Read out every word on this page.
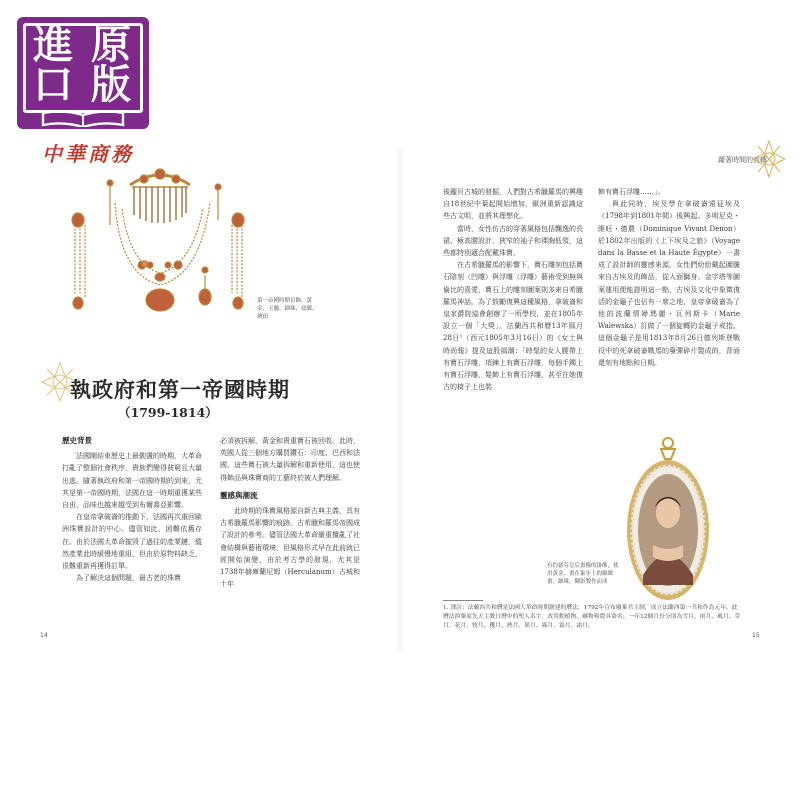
進 原
口 版
中華商務	躍著時間的流轉
第一帝國時期首飾，黃金、玉髓、細珠、琺瑯、琥珀
執政府和第一帝國時期
（1799-1814）
歷史背景

法國剛結束歷史上最動盪的時期，大革命打亂了整個社會秩序，貴族們變得貧窮且大量出逃。隨著執政府和第一帝國時期的到來，尤其是第一帝國時期，法國在這一時期重獲某些自由，品味也越來越受到布爾喬亞影響。

在皇帝拿破崙的推動下，法國再次重回歐洲珠寶設計的中心。儘管如此，困難依舊存在。由於法國大革命摧毀了過往的產業鏈，縱然產業此時緩慢地重組，但由於原物料缺乏，很難重新再獲得訂單。

為了解決這個問題，最古老的珠寶

必須被拆解，黃金和貴重寶石被回收。此時，英國人從三個地方購買鑽石：印度、巴西和法國，這些寶石被大量拆解和重新使用，這也使得飾品與珠寶商的工藝終於被人們理解。

靈感與潮流

此時期的珠寶風格源自新古典主義，具有古希臘羅馬影響的痕跡。古希臘和羅馬帝國成了設計的參考。儘管法國大革命嚴重攪亂了社會結構與藝術環境，但風格形式早在此前就已經開始演變，由於考古學的發現，尤其是1738年赫庫蘭尼姆（Herculanum）古城和十年

後龐貝古城的發掘，人們對古希臘羅馬的興趣自18世紀中葉起開始增加，歐洲重新認識這些古文明，並將其理想化。

當時，女性仿古的穿著風格包括飄逸的長裙、極高腰設計、狹窄的袖子和裸胸低領，這些都特別適合配戴珠寶。

在古希臘羅馬的影響下，寶石雕刻包括寶石陰刻（凹雕）與浮雕（浮雕）藝術受到無與倫比的喜愛，寶石上的雕刻圖案則多來自希臘羅馬神話。為了鼓勵復興這種風格，拿破崙和皇家爵院協會創辦了一所學校，並在1805年設立一個「大獎」。法蘭西共和曆13年風月28日¹（西元1805年3月16日）的《女士與時尚報》提及這股風潮：「時髦的女人腰帶上有寶石浮雕，項鍊上有寶石浮雕，每個手鐲上有寶石浮雕，髮飾上有寶石浮雕，甚至在她復古的椅子上也裝

飾有寶石浮雕……」。

與此同時，埃及學在拿破崙遠征埃及（1798年到1801年間）後興起。多明尼克・維旺・德農（Dominique Vivant Denon）於1802年出版的《上下埃及之旅》（Voyage dans la Basse et la Haute Égypte）一書成了設計師的靈感來源。女性們紛紛戴起圖騰來自古埃及的飾品，從人面獅身、金字塔等圖案運用便能證明這一點，古埃及文化中象徵復活的金龜子也佔有一席之地，皇帝拿破崙為了他的波蘭情婦瑪麗・瓦列斯卡（Marie Walewska）訂做了一個旋轉的金龜子戒指。這個金龜子是用1813年8月26日德列斯登戰役中的死拿破崙戰馬的廢彈碎片製成的，背面還刻有地點和日期。

有約瑟芬皇后畫像的掛飾，使用黃金、畫在象牙上的細緻畫、細珠，陳影製作而成
1. 譯註：法蘭西共和曆是法國大革命時期創建的曆法，1792年宣布廢棄君主制，成立法蘭西第一共和作為元年。此曆法拚棄原先天主教日曆中的聖人名字，改用動植物、礦物和農具命名。一年12個月份分別為雪月、雨月、風月、芽月、花月、牧月、穫月、熱月、果月、霧月、霜月、霜月。
14	15
